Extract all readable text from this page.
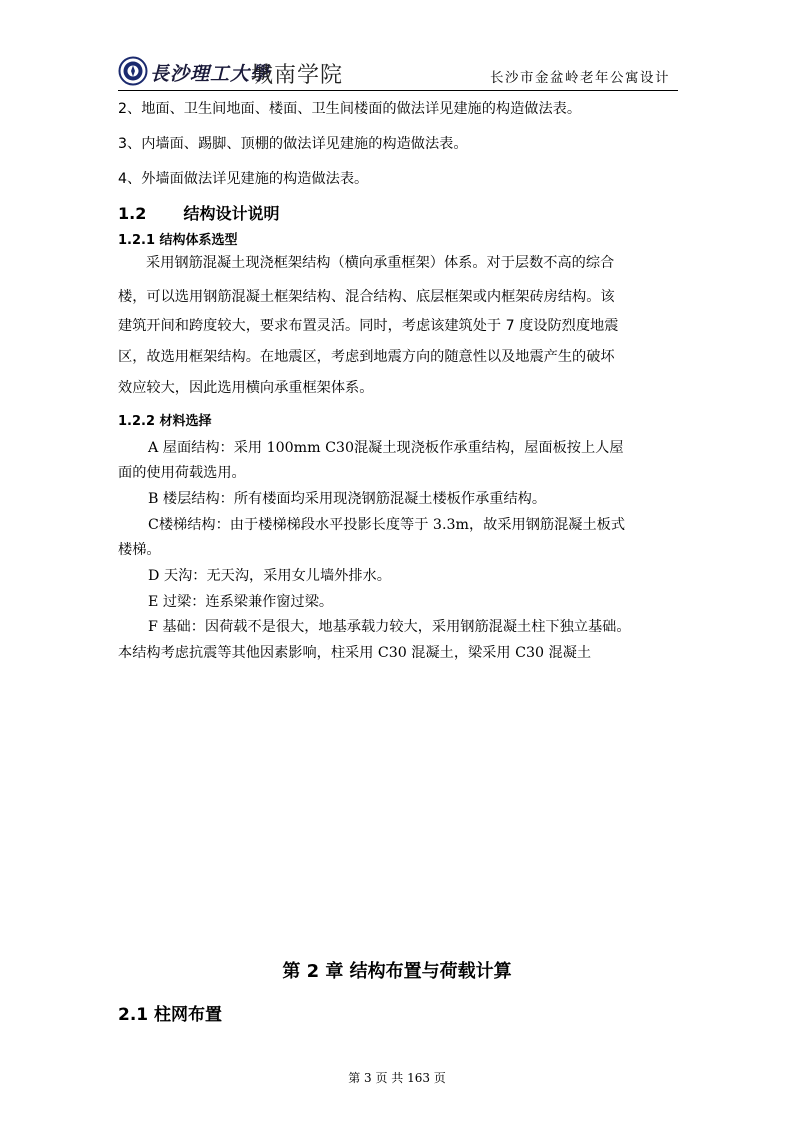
長沙理工大學
城南学院	长沙市金盆岭老年公寓设计
2、地面、卫生间地面、楼面、卫生间楼面的做法详见建施的构造做法表。
3、内墙面、踢脚、顶棚的做法详见建施的构造做法表。
4、外墙面做法详见建施的构造做法表。
1.2 结构设计说明
1.2.1 结构体系选型
采用钢筋混凝土现浇框架结构（横向承重框架）体系。对于层数不高的综合
楼，可以选用钢筋混凝土框架结构、混合结构、底层框架或内框架砖房结构。该
建筑开间和跨度较大，要求布置灵活。同时，考虑该建筑处于 7 度设防烈度地震
区，故选用框架结构。在地震区，考虑到地震方向的随意性以及地震产生的破坏
效应较大，因此选用横向承重框架体系。
1.2.2 材料选择
A 屋面结构：采用 100mm C30混凝土现浇板作承重结构，屋面板按上人屋
面的使用荷载选用。
B 楼层结构：所有楼面均采用现浇钢筋混凝土楼板作承重结构。
C楼梯结构：由于楼梯梯段水平投影长度等于 3.3m，故采用钢筋混凝土板式
楼梯。
D 天沟：无天沟，采用女儿墙外排水。
E 过梁：连系梁兼作窗过梁。
F 基础：因荷载不是很大，地基承载力较大，采用钢筋混凝土柱下独立基础。
本结构考虑抗震等其他因素影响，柱采用 C30 混凝土，梁采用 C30 混凝土
第 2 章 结构布置与荷载计算
2.1 柱网布置
第 3 页 共 163 页
